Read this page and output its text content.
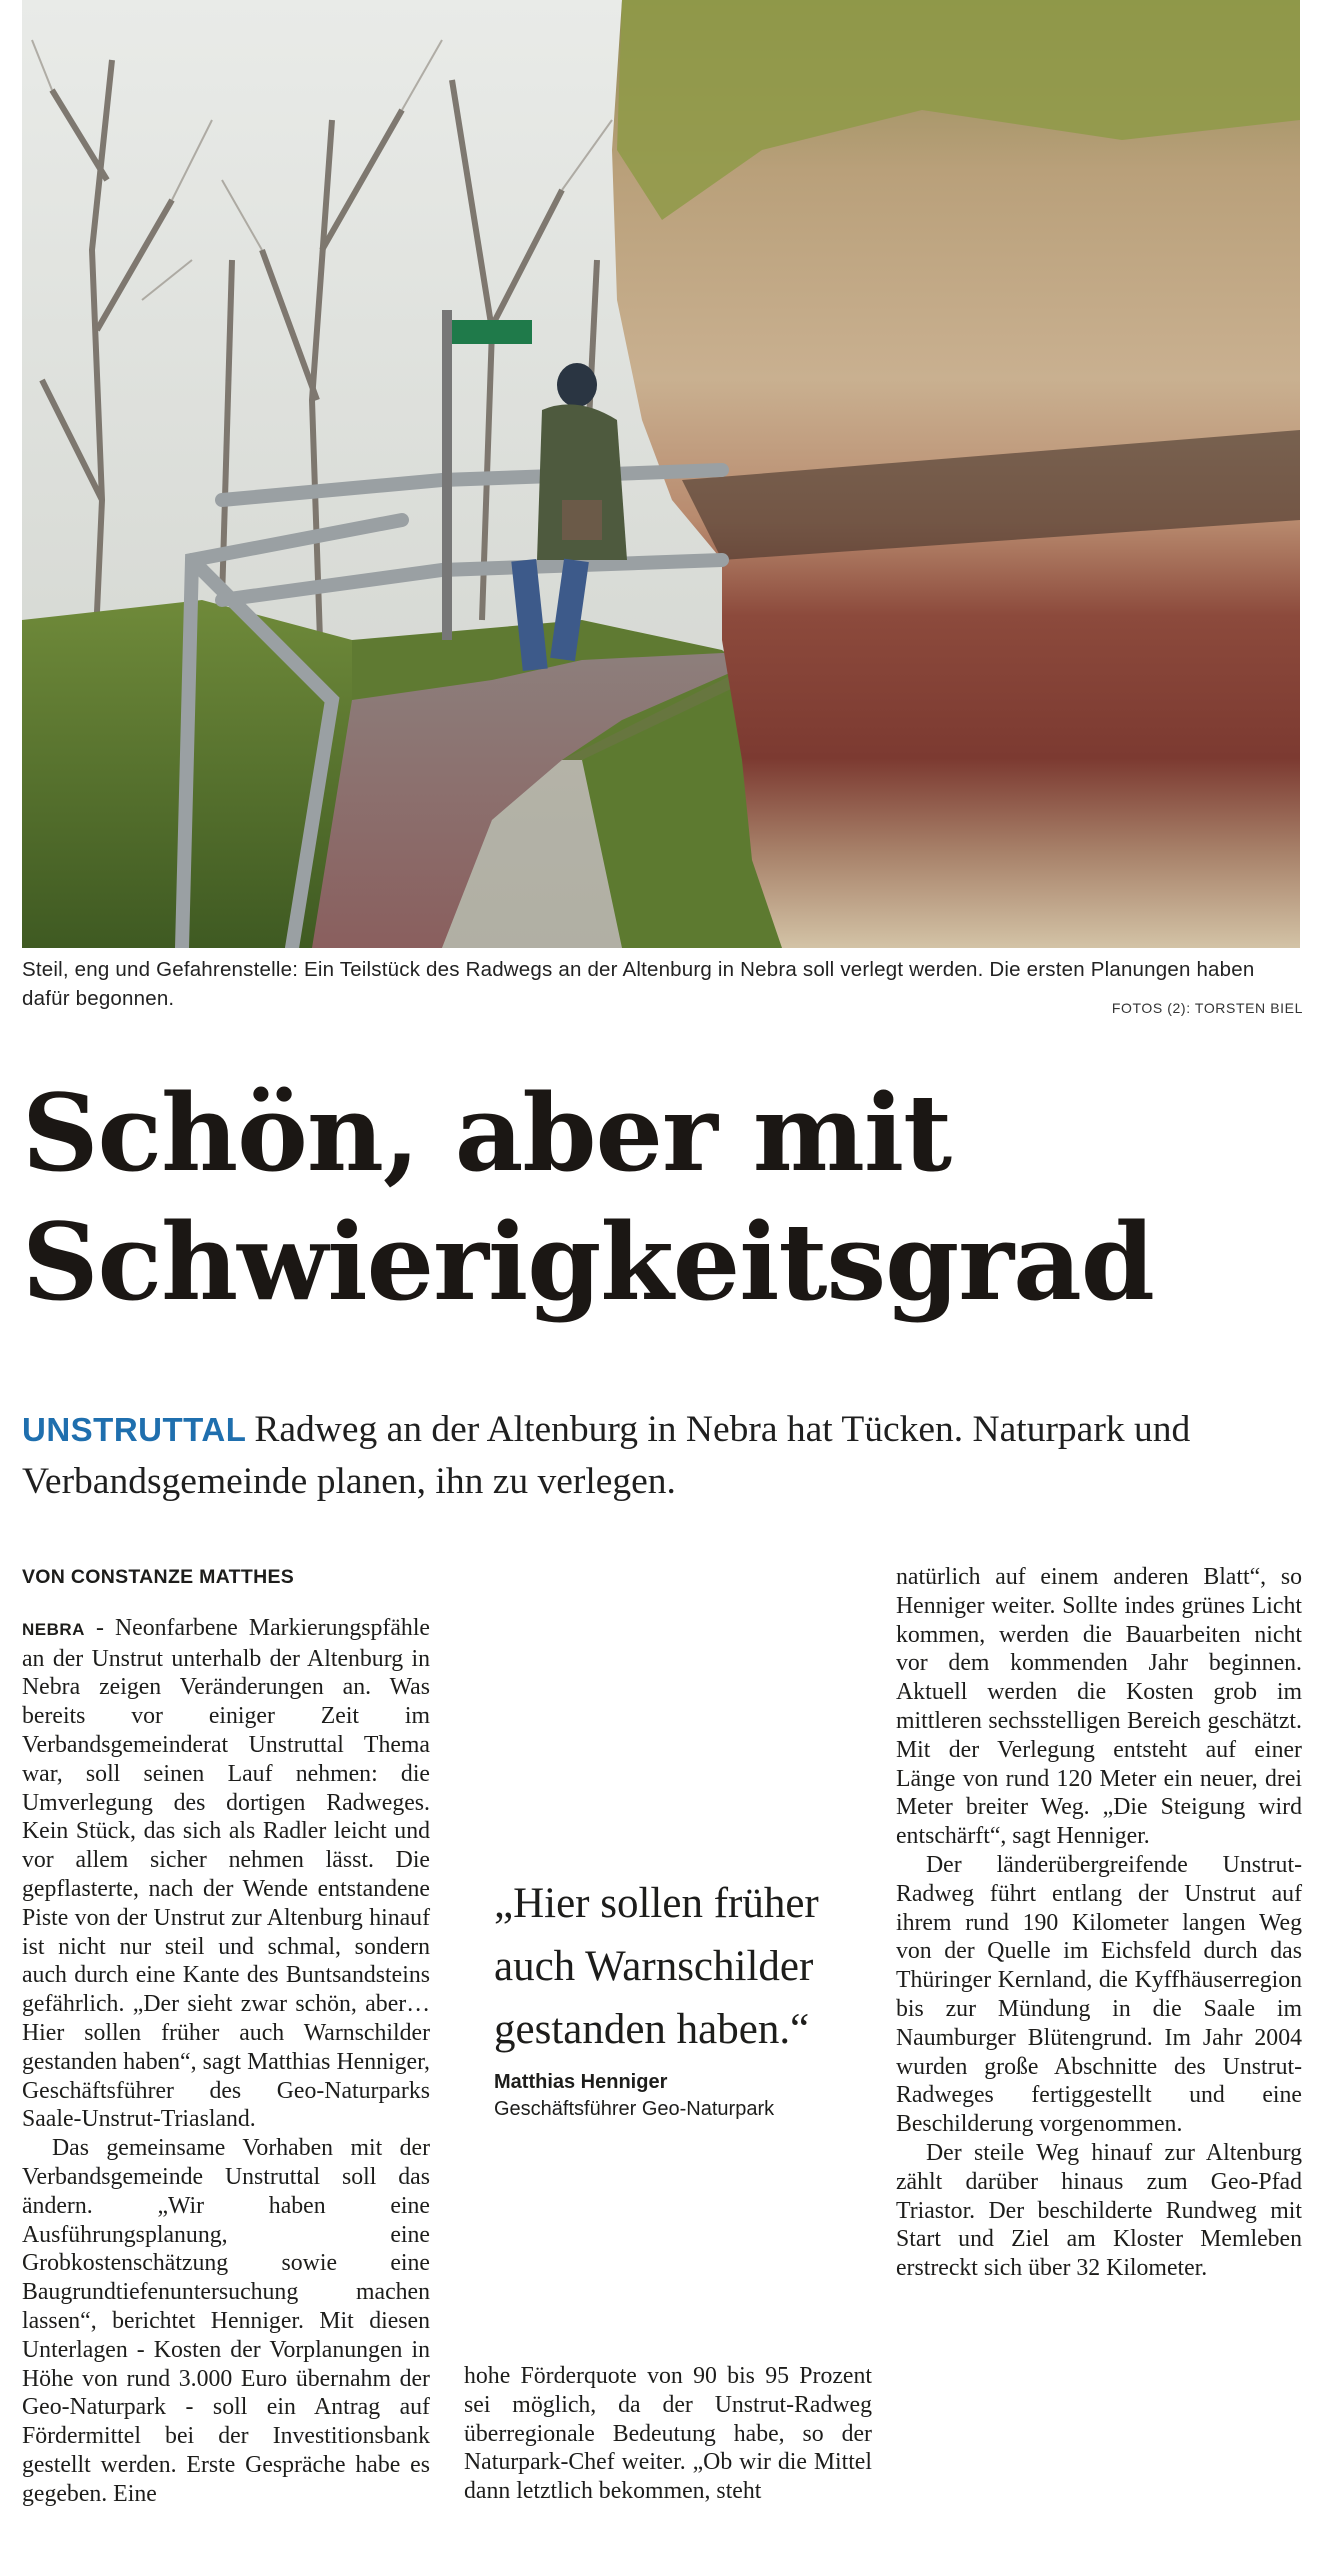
Steil, eng und Gefahrenstelle: Ein Teilstück des Radwegs an der Altenburg in Nebra soll verlegt werden. Die ersten Planungen haben dafür begonnen.	FOTOS (2): TORSTEN BIEL
Schön, aber mit
Schwierigkeitsgrad
UNSTRUTTAL Radweg an der Altenburg in Nebra hat Tücken. Naturpark und Verbandsgemeinde planen, ihn zu verlegen.

VON CONSTANZE MATTHES

NEBRA - Neonfarbene Markierungspfähle an der Unstrut unterhalb der Altenburg in Nebra zeigen Veränderungen an. Was bereits vor einiger Zeit im Verbandsgemeinderat Unstruttal Thema war, soll seinen Lauf nehmen: die Umverlegung des dortigen Radweges. Kein Stück, das sich als Radler leicht und vor allem sicher nehmen lässt. Die gepflasterte, nach der Wende entstandene Piste von der Unstrut zur Altenburg hinauf ist nicht nur steil und schmal, sondern auch durch eine Kante des Buntsandsteins gefährlich. „Der sieht zwar schön, aber… Hier sollen früher auch Warnschilder gestanden haben“, sagt Matthias Henniger, Geschäftsführer des Geo-Naturparks Saale-Unstrut-Triasland.

Das gemeinsame Vorhaben mit der Verbandsgemeinde Unstruttal soll das ändern. „Wir haben eine Ausführungsplanung, eine Grobkostenschätzung sowie eine Baugrundtiefenuntersuchung machen lassen“, berichtet Henniger. Mit diesen Unterlagen - Kosten der Vorplanungen in Höhe von rund 3.000 Euro übernahm der Geo-Naturpark - soll ein Antrag auf Fördermittel bei der Investitionsbank gestellt werden. Erste Gespräche habe es gegeben. Eine

„Hier sollen früher auch Warnschilder gestanden haben.“
Matthias Henniger
Geschäftsführer Geo-Naturpark

hohe Förderquote von 90 bis 95 Prozent sei möglich, da der Unstrut-Radweg überregionale Bedeutung habe, so der Naturpark-Chef weiter. „Ob wir die Mittel dann letztlich bekommen, steht

natürlich auf einem anderen Blatt“, so Henniger weiter. Sollte indes grünes Licht kommen, werden die Bauarbeiten nicht vor dem kommenden Jahr beginnen. Aktuell werden die Kosten grob im mittleren sechsstelligen Bereich geschätzt. Mit der Verlegung entsteht auf einer Länge von rund 120 Meter ein neuer, drei Meter breiter Weg. „Die Steigung wird entschärft“, sagt Henniger.

Der länderübergreifende Unstrut-Radweg führt entlang der Unstrut auf ihrem rund 190 Kilometer langen Weg von der Quelle im Eichsfeld durch das Thüringer Kernland, die Kyffhäuserregion bis zur Mündung in die Saale im Naumburger Blütengrund. Im Jahr 2004 wurden große Abschnitte des Unstrut-Radweges fertiggestellt und eine Beschilderung vorgenommen.

Der steile Weg hinauf zur Altenburg zählt darüber hinaus zum Geo-Pfad Triastor. Der beschilderte Rundweg mit Start und Ziel am Kloster Memleben erstreckt sich über 32 Kilometer.
